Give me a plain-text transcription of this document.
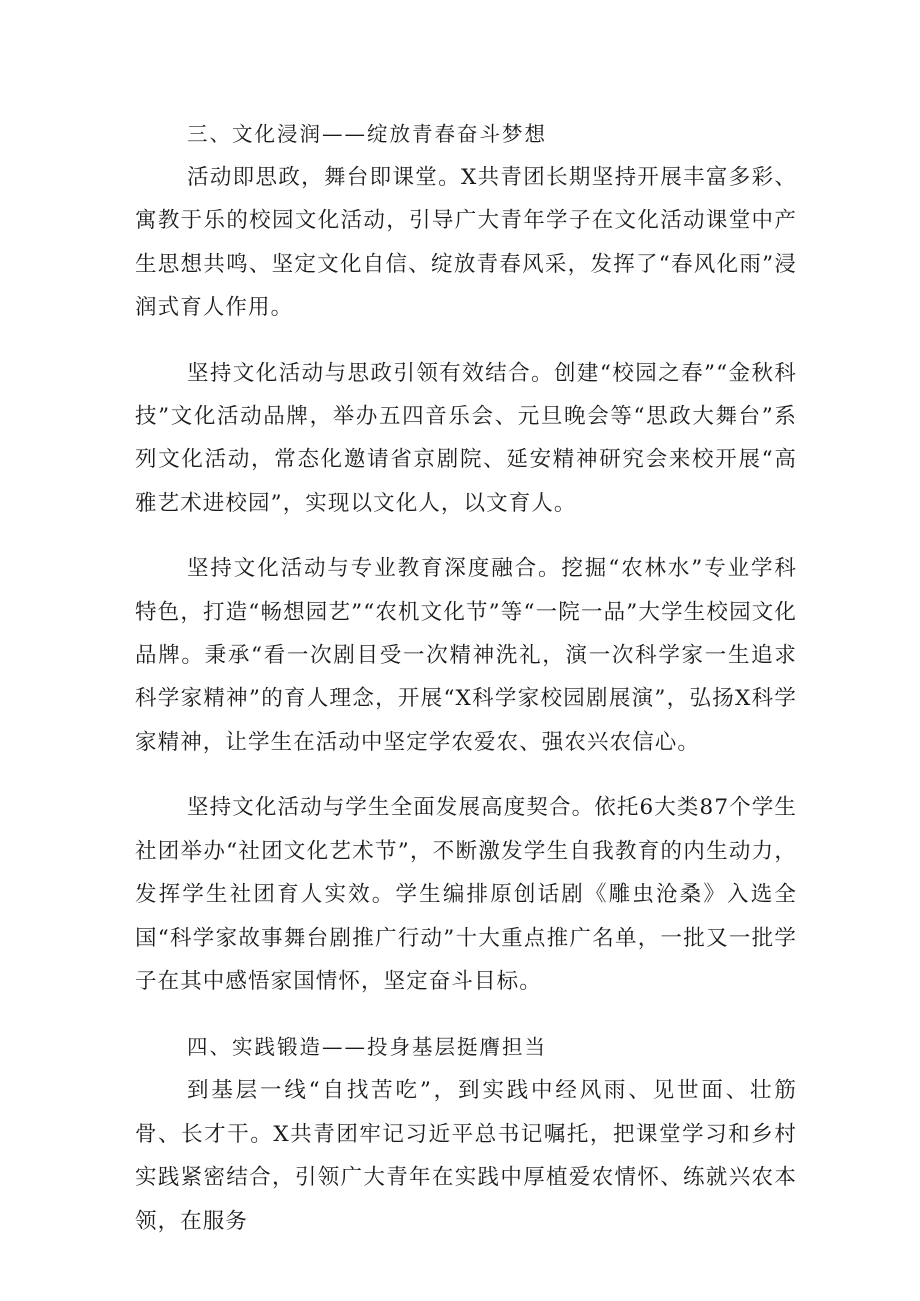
三、文化浸润——绽放青春奋斗梦想

活动即思政，舞台即课堂。X共青团长期坚持开展丰富多彩、寓教于乐的校园文化活动，引导广大青年学子在文化活动课堂中产生思想共鸣、坚定文化自信、绽放青春风采，发挥了“春风化雨”浸润式育人作用。

坚持文化活动与思政引领有效结合。创建“校园之春”“金秋科技”文化活动品牌，举办五四音乐会、元旦晚会等“思政大舞台”系列文化活动，常态化邀请省京剧院、延安精神研究会来校开展“高雅艺术进校园”，实现以文化人，以文育人。

坚持文化活动与专业教育深度融合。挖掘“农林水”专业学科特色，打造“畅想园艺”“农机文化节”等“一院一品”大学生校园文化品牌。秉承“看一次剧目受一次精神洗礼，演一次科学家一生追求科学家精神”的育人理念，开展“X科学家校园剧展演”，弘扬X科学家精神，让学生在活动中坚定学农爱农、强农兴农信心。

坚持文化活动与学生全面发展高度契合。依托6大类87个学生社团举办“社团文化艺术节”，不断激发学生自我教育的内生动力，发挥学生社团育人实效。学生编排原创话剧《雕虫沧桑》入选全国“科学家故事舞台剧推广行动”十大重点推广名单，一批又一批学子在其中感悟家国情怀，坚定奋斗目标。

四、实践锻造——投身基层挺膺担当

到基层一线“自找苦吃”，到实践中经风雨、见世面、壮筋骨、长才干。X共青团牢记习近平总书记嘱托，把课堂学习和乡村实践紧密结合，引领广大青年在实践中厚植爱农情怀、练就兴农本领，在服务
